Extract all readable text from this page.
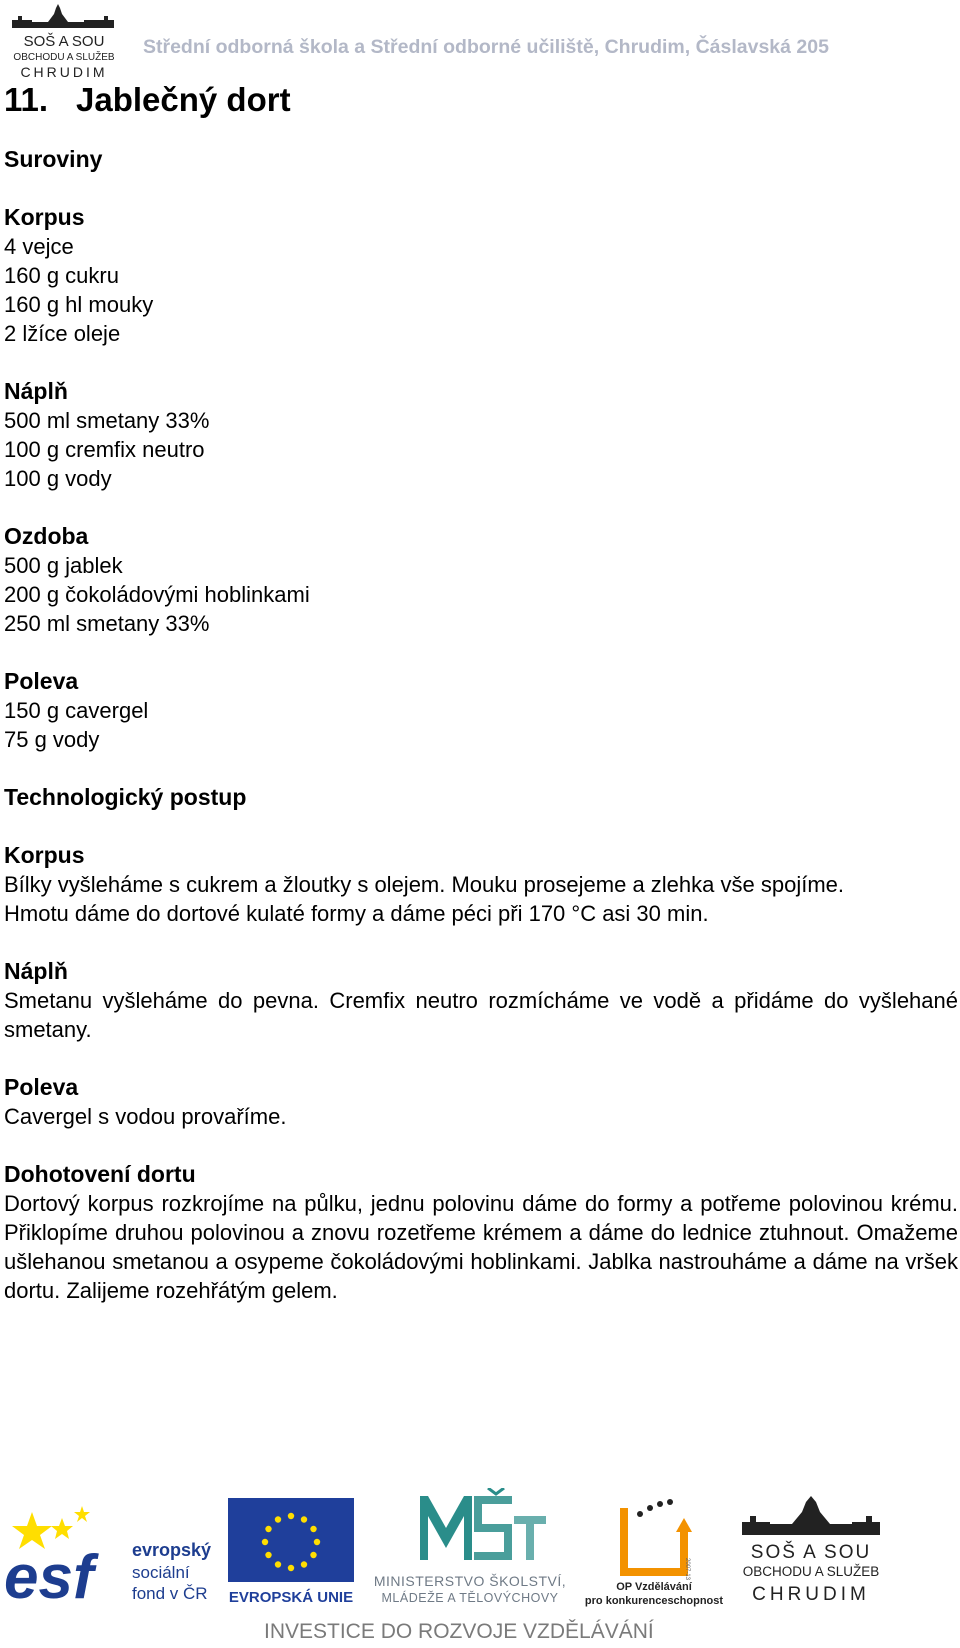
SOŠ A SOU
OBCHODU A SLUŽEB
CHRUDIM
Střední odborná škola a Střední odborné učiliště, Chrudim, Čáslavská 205
11. Jablečný dort
Suroviny
Korpus

4 vejce

160 g cukru

160 g hl mouky

2 lžíce oleje

Náplň

500 ml smetany 33%

100 g cremfix neutro

100 g vody

Ozdoba

500 g jablek

200 g čokoládovými hoblinkami

250 ml smetany 33%

Poleva

150 g cavergel

75 g vody

Technologický postup
Korpus

Bílky vyšleháme s cukrem a žloutky s olejem. Mouku prosejeme a zlehka vše spojíme.

Hmotu dáme do dortové kulaté formy a dáme péci při 170 °C asi 30 min.

Náplň

Smetanu vyšleháme do pevna. Cremfix neutro rozmícháme ve vodě a přidáme do vyšlehané smetany.

Poleva

Cavergel s vodou provaříme.

Dohotovení dortu

Dortový korpus rozkrojíme na půlku, jednu polovinu dáme do formy a potřeme polovinou krému. Přiklopíme druhou polovinou a znovu rozetřeme krémem a dáme do lednice ztuhnout. Omažeme ušlehanou smetanou a osypeme čokoládovými hoblinkami. Jablka nastrouháme a dáme na vršek dortu. Zalijeme rozehřátým gelem.

esf evropský
sociální
fond v ČR EVROPSKÁ UNIE
MINISTERSTVO ŠKOLSTVÍ,
MLÁDEŽE A TĚLOVÝCHOVY
2007-13
OP Vzdělávání
pro konkurenceschopnost
SOŠ A SOU
OBCHODU A SLUŽEB
CHRUDIM
INVESTICE DO ROZVOJE VZDĚLÁVÁNÍ
